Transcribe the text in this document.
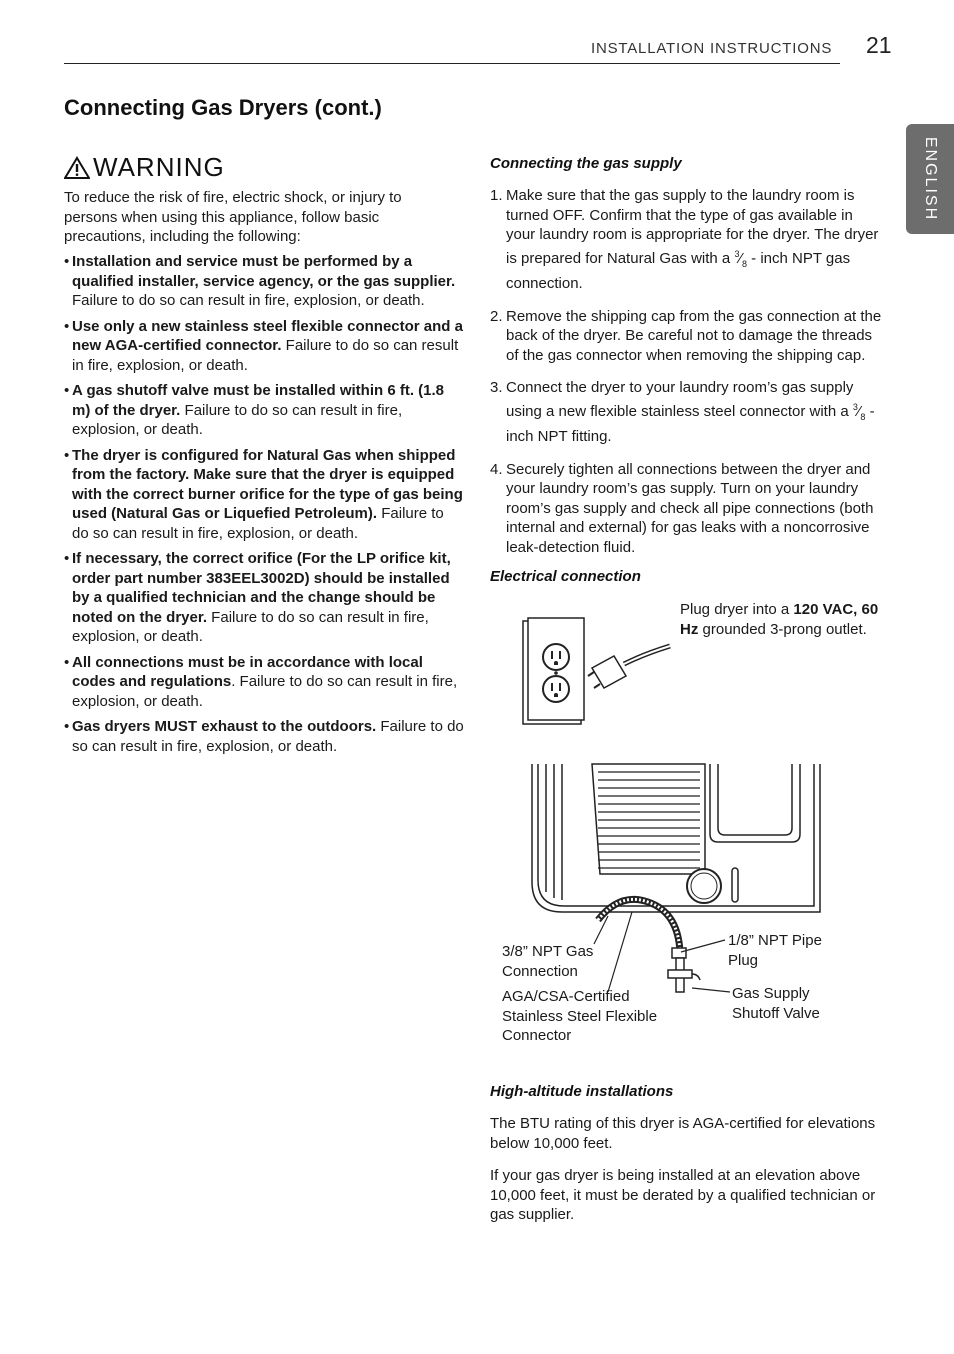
INSTALLATION INSTRUCTIONS 21
ENGLISH
Connecting Gas Dryers (cont.)
WARNING

To reduce the risk of fire, electric shock, or injury to persons when using this appliance, follow basic precautions, including the following:

• Installation and service must be performed by a qualified installer, service agency, or the gas supplier. Failure to do so can result in fire, explosion, or death.
• Use only a new stainless steel flexible connector and a new AGA-certified connector. Failure to do so can result in fire, explosion, or death.
• A gas shutoff valve must be installed within 6 ft. (1.8 m) of the dryer. Failure to do so can result in fire, explosion, or death.
• The dryer is configured for Natural Gas when shipped from the factory. Make sure that the dryer is equipped with the correct burner orifice for the type of gas being used (Natural Gas or Liquefied Petroleum). Failure to do so can result in fire, explosion, or death.
• If necessary, the correct orifice (For the LP orifice kit, order part number 383EEL3002D) should be installed by a qualified technician and the change should be noted on the dryer. Failure to do so can result in fire, explosion, or death.
• All connections must be in accordance with local codes and regulations. Failure to do so can result in fire, explosion, or death.
• Gas dryers MUST exhaust to the outdoors. Failure to do so can result in fire, explosion, or death.
Connecting the gas supply
1. Make sure that the gas supply to the laundry room is turned OFF. Confirm that the type of gas available in your laundry room is appropriate for the dryer. The dryer is prepared for Natural Gas with a $^3⁄_8$ - inch NPT gas connection.
2. Remove the shipping cap from the gas connection at the back of the dryer. Be careful not to damage the threads of the gas connector when removing the shipping cap.
3. Connect the dryer to your laundry room’s gas supply using a new flexible stainless steel connector with a $^3⁄_8$ - inch NPT fitting.
4. Securely tighten all connections between the dryer and your laundry room’s gas supply. Turn on your laundry room’s gas supply and check all pipe connections (both internal and external) for gas leaks with a noncorrosive leak-detection fluid.
Electrical connection
Plug dryer into a 120 VAC, 60 Hz grounded 3-prong outlet.
3/8” NPT Gas Connection
1/8” NPT Pipe Plug
AGA/CSA-Certified Stainless Steel Flexible Connector
Gas Supply Shutoff Valve
High-altitude installations

The BTU rating of this dryer is AGA-certified for elevations below 10,000 feet.

If your gas dryer is being installed at an elevation above 10,000 feet, it must be derated by a qualified technician or gas supplier.
